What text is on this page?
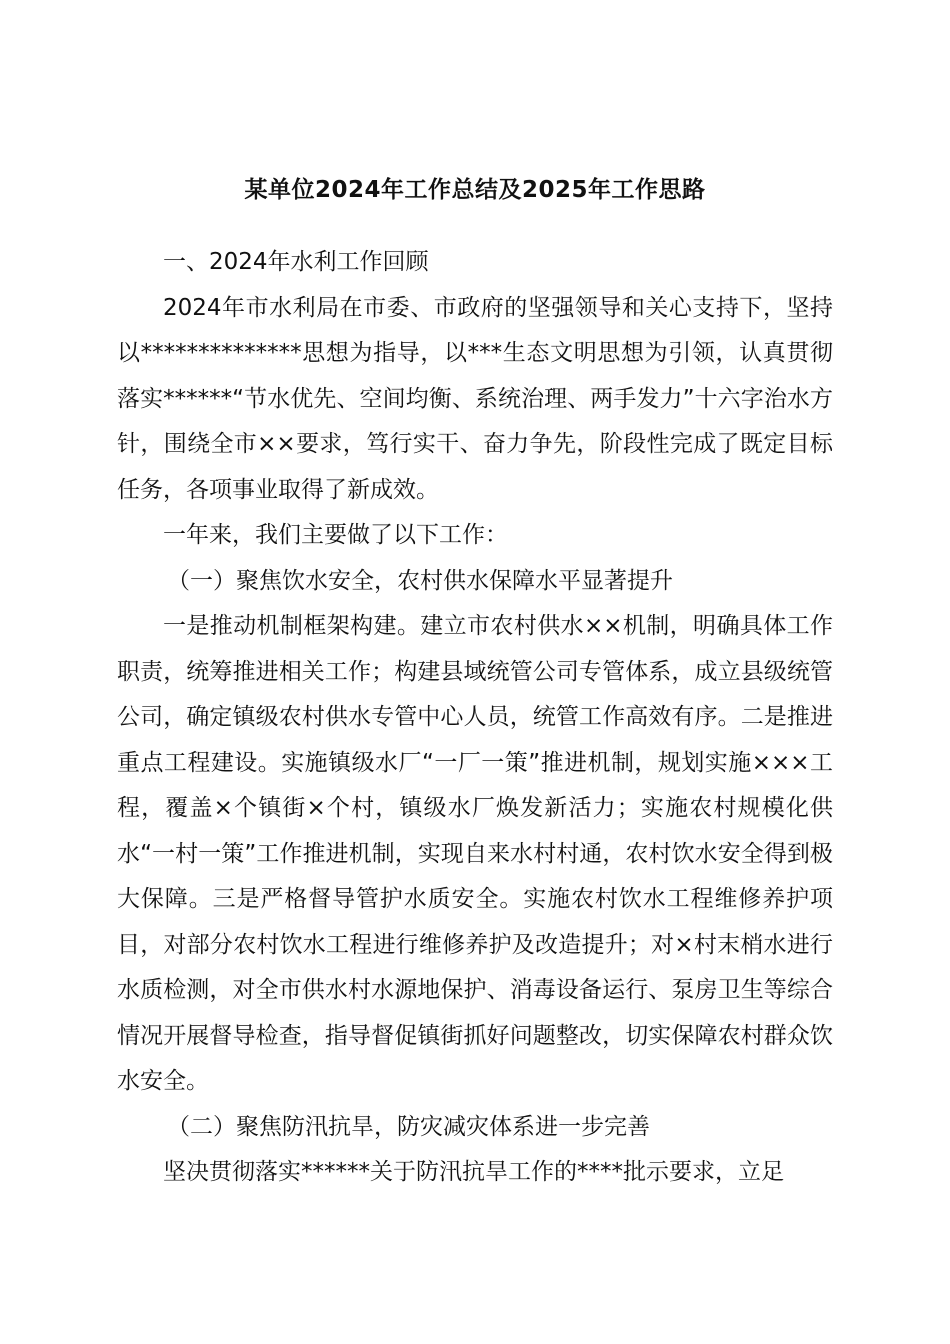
某单位2024年工作总结及2025年工作思路

一、2024年水利工作回顾

2024年市水利局在市委、市政府的坚强领导和关心支持下，坚持以**************思想为指导，以***生态文明思想为引领，认真贯彻落实******“节水优先、空间均衡、系统治理、两手发力”十六字治水方针，围绕全市××要求，笃行实干、奋力争先，阶段性完成了既定目标任务，各项事业取得了新成效。

一年来，我们主要做了以下工作：

（一）聚焦饮水安全，农村供水保障水平显著提升

一是推动机制框架构建。建立市农村供水××机制，明确具体工作职责，统筹推进相关工作；构建县域统管公司专管体系，成立县级统管公司，确定镇级农村供水专管中心人员，统管工作高效有序。二是推进重点工程建设。实施镇级水厂“一厂一策”推进机制，规划实施×××工程，覆盖×个镇街×个村，镇级水厂焕发新活力；实施农村规模化供水“一村一策”工作推进机制，实现自来水村村通，农村饮水安全得到极大保障。三是严格督导管护水质安全。实施农村饮水工程维修养护项目，对部分农村饮水工程进行维修养护及改造提升；对×村末梢水进行水质检测，对全市供水村水源地保护、消毒设备运行、泵房卫生等综合情况开展督导检查，指导督促镇街抓好问题整改，切实保障农村群众饮水安全。

（二）聚焦防汛抗旱，防灾减灾体系进一步完善

坚决贯彻落实******关于防汛抗旱工作的****批示要求，立足
